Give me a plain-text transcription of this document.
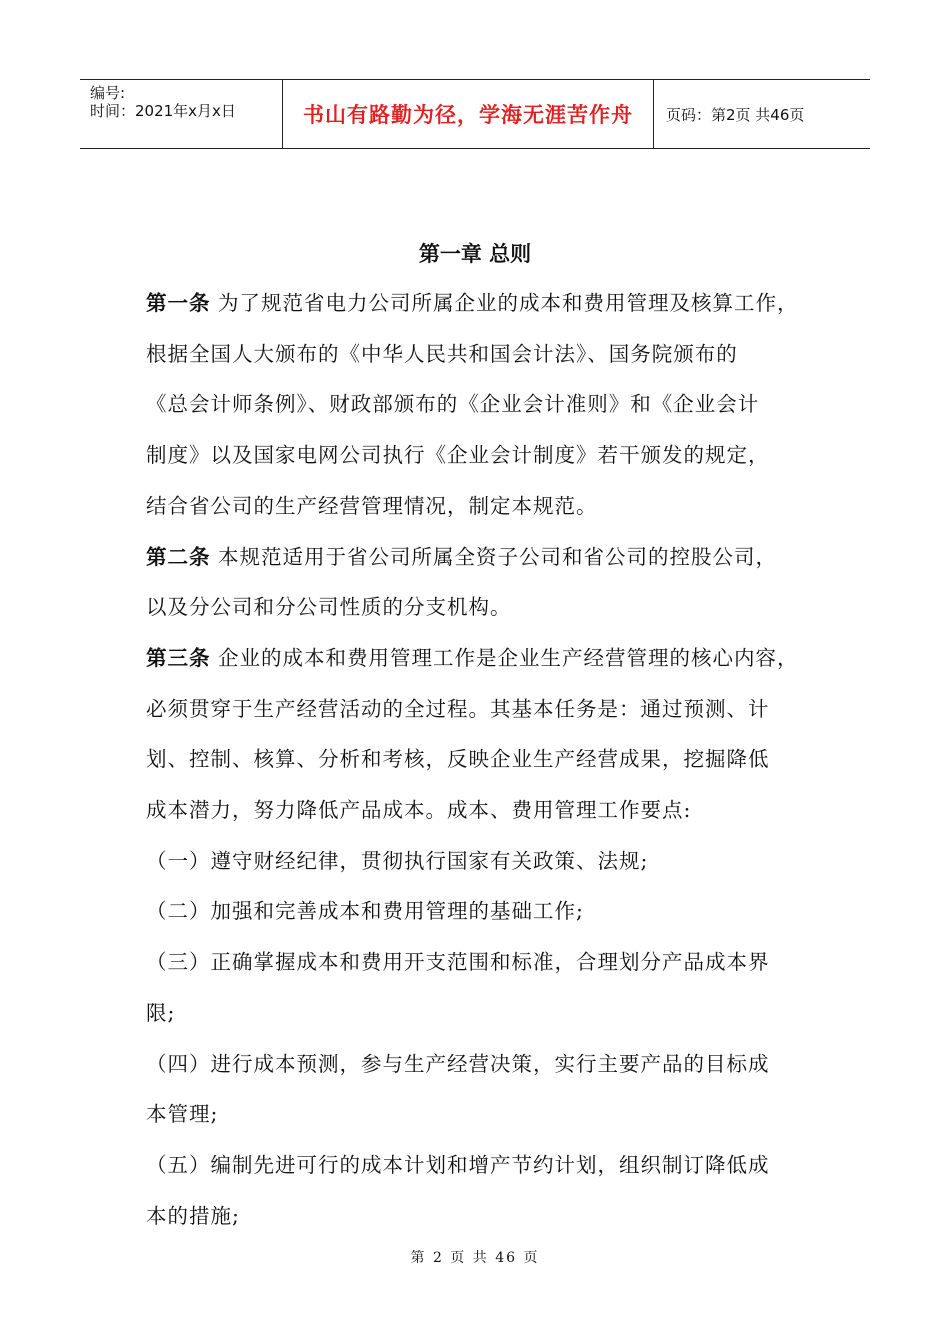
编号:
时间：2021年x月x日	书山有路勤为径，学海无涯苦作舟 页码：第2页 共46页
第一章 总则
第一条 为了规范省电力公司所属企业的成本和费用管理及核算工作，
根据全国人大颁布的《中华人民共和国会计法》、国务院颁布的
《总会计师条例》、财政部颁布的《企业会计准则》和《企业会计
制度》以及国家电网公司执行《企业会计制度》若干颁发的规定，
结合省公司的生产经营管理情况，制定本规范。
第二条 本规范适用于省公司所属全资子公司和省公司的控股公司，
以及分公司和分公司性质的分支机构。
第三条 企业的成本和费用管理工作是企业生产经营管理的核心内容，
必须贯穿于生产经营活动的全过程。其基本任务是：通过预测、计
划、控制、核算、分析和考核，反映企业生产经营成果，挖掘降低
成本潜力，努力降低产品成本。成本、费用管理工作要点:
（一）遵守财经纪律，贯彻执行国家有关政策、法规;
（二）加强和完善成本和费用管理的基础工作;
（三）正确掌握成本和费用开支范围和标准，合理划分产品成本界
限;
（四）进行成本预测，参与生产经营决策，实行主要产品的目标成
本管理;
（五）编制先进可行的成本计划和增产节约计划，组织制订降低成
本的措施;
第 2 页 共 46 页
